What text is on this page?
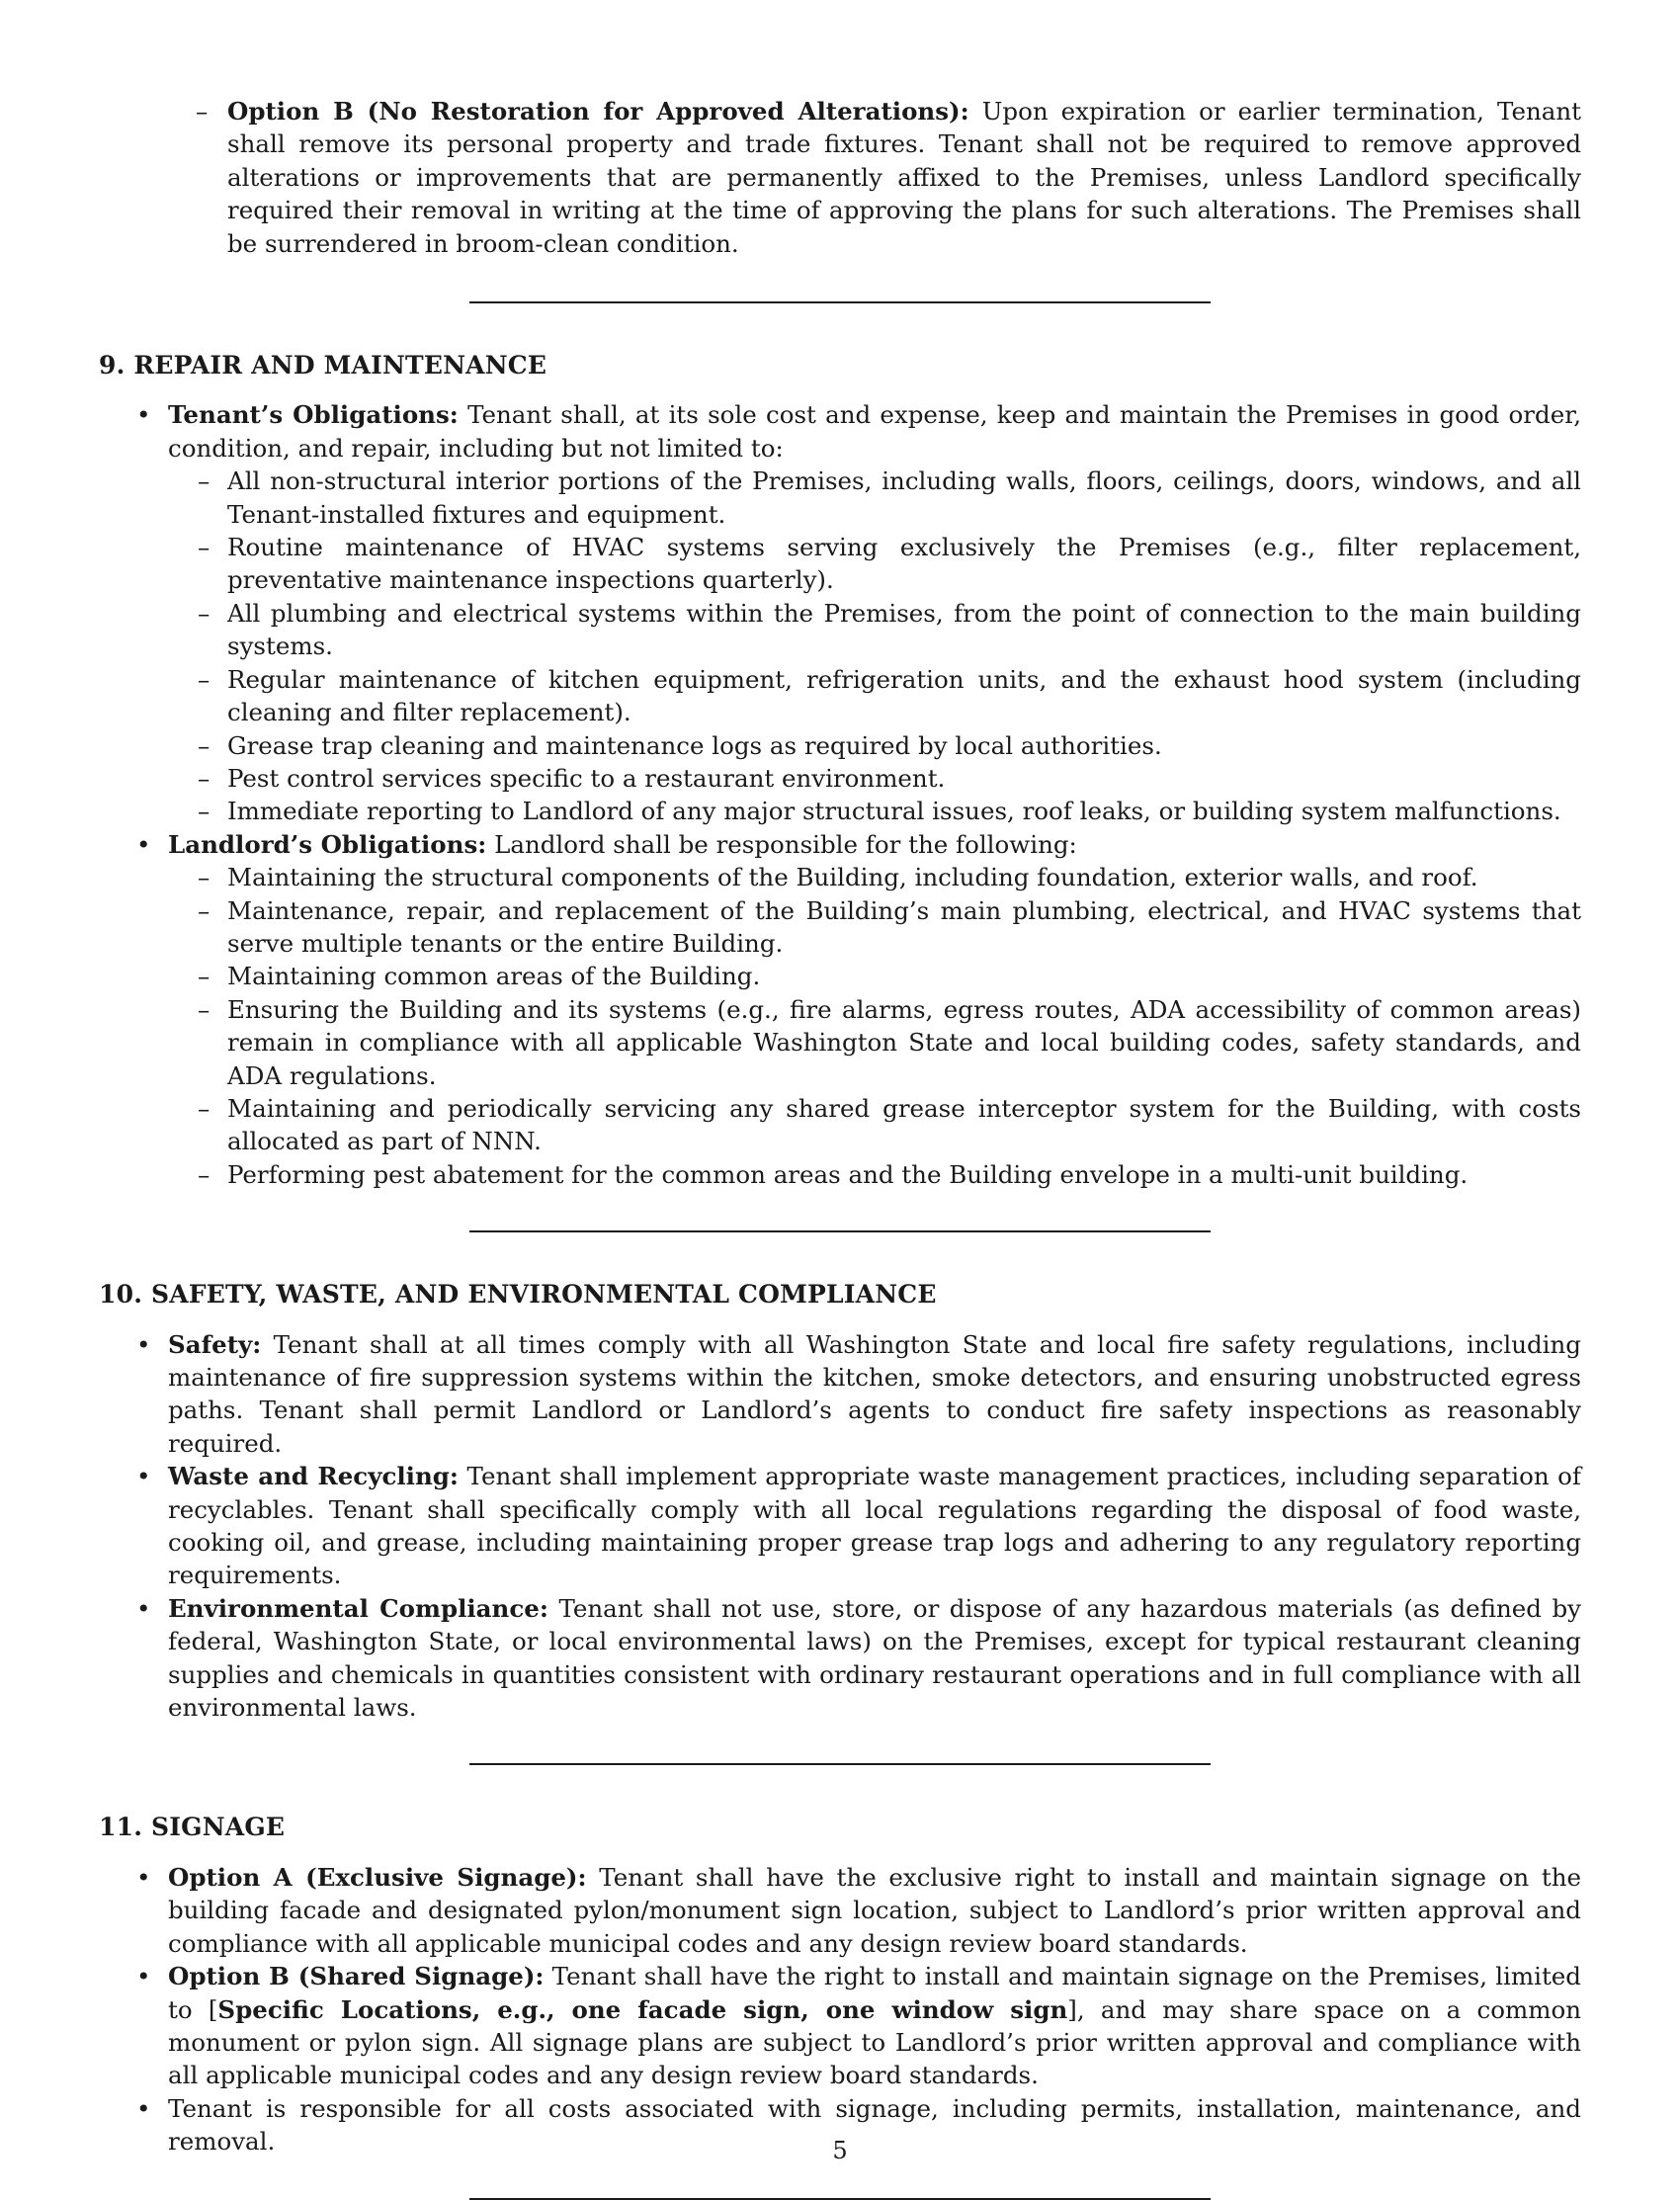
– Option B (No Restoration for Approved Alterations): Upon expiration or earlier termination, Tenant shall remove its personal property and trade fixtures. Tenant shall not be required to remove approved alterations or improvements that are permanently affixed to the Premises, unless Landlord specifically required their removal in writing at the time of approving the plans for such alterations. The Premises shall be surrendered in broom-clean condition.
9. REPAIR AND MAINTENANCE
• Tenant’s Obligations: Tenant shall, at its sole cost and expense, keep and maintain the Premises in good order, condition, and repair, including but not limited to:
– All non-structural interior portions of the Premises, including walls, floors, ceilings, doors, windows, and all Tenant-installed fixtures and equipment.
– Routine maintenance of HVAC systems serving exclusively the Premises (e.g., filter replacement, preventative maintenance inspections quarterly).
– All plumbing and electrical systems within the Premises, from the point of connection to the main building systems.
– Regular maintenance of kitchen equipment, refrigeration units, and the exhaust hood system (including cleaning and filter replacement).
– Grease trap cleaning and maintenance logs as required by local authorities.
– Pest control services specific to a restaurant environment.
– Immediate reporting to Landlord of any major structural issues, roof leaks, or building system malfunctions.
• Landlord’s Obligations: Landlord shall be responsible for the following:
– Maintaining the structural components of the Building, including foundation, exterior walls, and roof.
– Maintenance, repair, and replacement of the Building’s main plumbing, electrical, and HVAC systems that serve multiple tenants or the entire Building.
– Maintaining common areas of the Building.
– Ensuring the Building and its systems (e.g., fire alarms, egress routes, ADA accessibility of common areas) remain in compliance with all applicable Washington State and local building codes, safety standards, and ADA regulations.
– Maintaining and periodically servicing any shared grease interceptor system for the Building, with costs allocated as part of NNN.
– Performing pest abatement for the common areas and the Building envelope in a multi-unit building.
10. SAFETY, WASTE, AND ENVIRONMENTAL COMPLIANCE
• Safety: Tenant shall at all times comply with all Washington State and local fire safety regulations, including maintenance of fire suppression systems within the kitchen, smoke detectors, and ensuring unobstructed egress paths. Tenant shall permit Landlord or Landlord’s agents to conduct fire safety inspections as reasonably required.
• Waste and Recycling: Tenant shall implement appropriate waste management practices, including separation of recyclables. Tenant shall specifically comply with all local regulations regarding the disposal of food waste, cooking oil, and grease, including maintaining proper grease trap logs and adhering to any regulatory reporting requirements.
• Environmental Compliance: Tenant shall not use, store, or dispose of any hazardous materials (as defined by federal, Washington State, or local environmental laws) on the Premises, except for typical restaurant cleaning supplies and chemicals in quantities consistent with ordinary restaurant operations and in full compliance with all environmental laws.
11. SIGNAGE
• Option A (Exclusive Signage): Tenant shall have the exclusive right to install and maintain signage on the building facade and designated pylon/monument sign location, subject to Landlord’s prior written approval and compliance with all applicable municipal codes and any design review board standards.
• Option B (Shared Signage): Tenant shall have the right to install and maintain signage on the Premises, limited to [Specific Locations, e.g., one facade sign, one window sign], and may share space on a common monument or pylon sign. All signage plans are subject to Landlord’s prior written approval and compliance with all applicable municipal codes and any design review board standards.
• Tenant is responsible for all costs associated with signage, including permits, installation, maintenance, and removal.	5
